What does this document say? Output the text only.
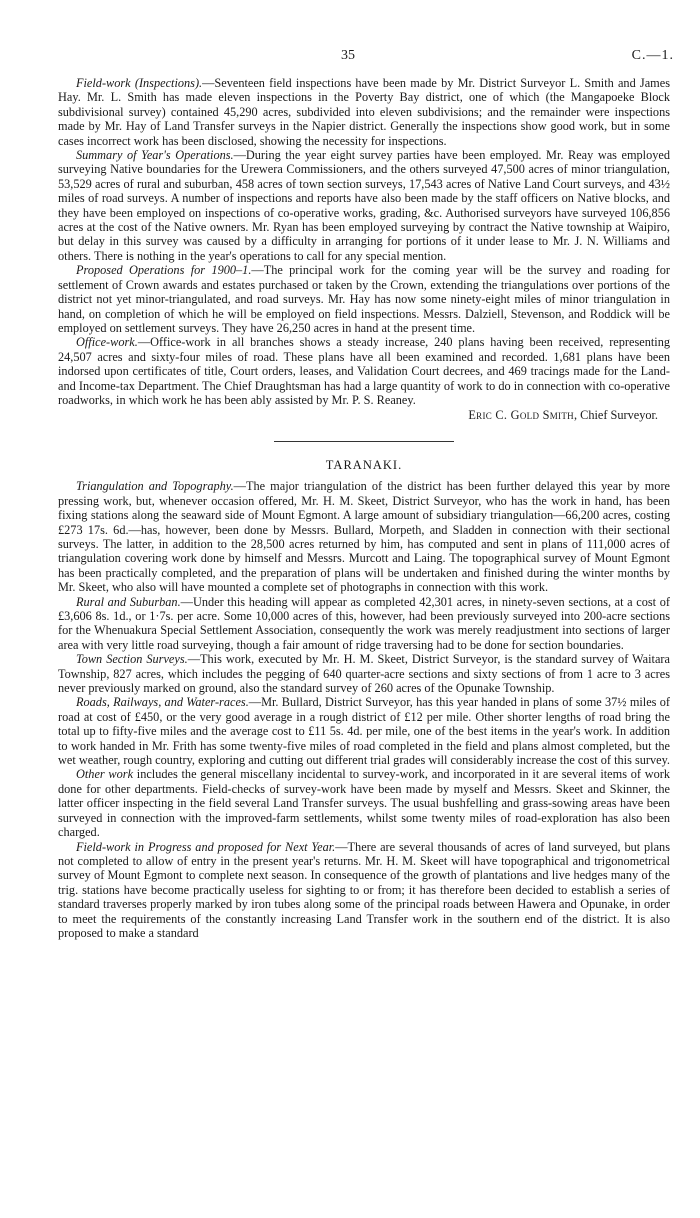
35	C.—1.

Field-work (Inspections).—Seventeen field inspections have been made by Mr. District Surveyor L. Smith and James Hay. Mr. L. Smith has made eleven inspections in the Poverty Bay district, one of which (the Mangapoeke Block subdivisional survey) contained 45,290 acres, subdivided into eleven subdivisions; and the remainder were inspections made by Mr. Hay of Land Transfer surveys in the Napier district. Generally the inspections show good work, but in some cases incorrect work has been disclosed, showing the necessity for inspections.

Summary of Year's Operations.—During the year eight survey parties have been employed. Mr. Reay was employed surveying Native boundaries for the Urewera Commissioners, and the others surveyed 47,500 acres of minor triangulation, 53,529 acres of rural and suburban, 458 acres of town section surveys, 17,543 acres of Native Land Court surveys, and 43½ miles of road surveys. A number of inspections and reports have also been made by the staff officers on Native blocks, and they have been employed on inspections of co-operative works, grading, &c. Authorised surveyors have surveyed 106,856 acres at the cost of the Native owners. Mr. Ryan has been employed surveying by contract the Native township at Waipiro, but delay in this survey was caused by a difficulty in arranging for portions of it under lease to Mr. J. N. Williams and others. There is nothing in the year's operations to call for any special mention.

Proposed Operations for 1900–1.—The principal work for the coming year will be the survey and roading for settlement of Crown awards and estates purchased or taken by the Crown, extending the triangulations over portions of the district not yet minor-triangulated, and road surveys. Mr. Hay has now some ninety-eight miles of minor triangulation in hand, on completion of which he will be employed on field inspections. Messrs. Dalziell, Stevenson, and Roddick will be employed on settlement surveys. They have 26,250 acres in hand at the present time.

Office-work.—Office-work in all branches shows a steady increase, 240 plans having been received, representing 24,507 acres and sixty-four miles of road. These plans have all been examined and recorded. 1,681 plans have been indorsed upon certificates of title, Court orders, leases, and Validation Court decrees, and 469 tracings made for the Land- and Income-tax Department. The Chief Draughtsman has had a large quantity of work to do in connection with co-operative roadworks, in which work he has been ably assisted by Mr. P. S. Reaney.

Eric C. Gold Smith, Chief Surveyor.
TARANAKI.

Triangulation and Topography.—The major triangulation of the district has been further delayed this year by more pressing work, but, whenever occasion offered, Mr. H. M. Skeet, District Surveyor, who has the work in hand, has been fixing stations along the seaward side of Mount Egmont. A large amount of subsidiary triangulation—66,200 acres, costing £273 17s. 6d.—has, however, been done by Messrs. Bullard, Morpeth, and Sladden in connection with their sectional surveys. The latter, in addition to the 28,500 acres returned by him, has computed and sent in plans of 111,000 acres of triangulation covering work done by himself and Messrs. Murcott and Laing. The topographical survey of Mount Egmont has been practically completed, and the preparation of plans will be undertaken and finished during the winter months by Mr. Skeet, who also will have mounted a complete set of photographs in connection with this work.

Rural and Suburban.—Under this heading will appear as completed 42,301 acres, in ninety-seven sections, at a cost of £3,606 8s. 1d., or 1·7s. per acre. Some 10,000 acres of this, however, had been previously surveyed into 200-acre sections for the Whenuakura Special Settlement Association, consequently the work was merely readjustment into sections of larger area with very little road surveying, though a fair amount of ridge traversing had to be done for section boundaries.

Town Section Surveys.—This work, executed by Mr. H. M. Skeet, District Surveyor, is the standard survey of Waitara Township, 827 acres, which includes the pegging of 640 quarter-acre sections and sixty sections of from 1 acre to 3 acres never previously marked on ground, also the standard survey of 260 acres of the Opunake Township.

Roads, Railways, and Water-races.—Mr. Bullard, District Surveyor, has this year handed in plans of some 37½ miles of road at cost of £450, or the very good average in a rough district of £12 per mile. Other shorter lengths of road bring the total up to fifty-five miles and the average cost to £11 5s. 4d. per mile, one of the best items in the year's work. In addition to work handed in Mr. Frith has some twenty-five miles of road completed in the field and plans almost completed, but the wet weather, rough country, exploring and cutting out different trial grades will considerably increase the cost of this survey.

Other work includes the general miscellany incidental to survey-work, and incorporated in it are several items of work done for other departments. Field-checks of survey-work have been made by myself and Messrs. Skeet and Skinner, the latter officer inspecting in the field several Land Transfer surveys. The usual bushfelling and grass-sowing areas have been surveyed in connection with the improved-farm settlements, whilst some twenty miles of road-exploration has also been charged.

Field-work in Progress and proposed for Next Year.—There are several thousands of acres of land surveyed, but plans not completed to allow of entry in the present year's returns. Mr. H. M. Skeet will have topographical and trigonometrical survey of Mount Egmont to complete next season. In consequence of the growth of plantations and live hedges many of the trig. stations have become practically useless for sighting to or from; it has therefore been decided to establish a series of standard traverses properly marked by iron tubes along some of the principal roads between Hawera and Opunake, in order to meet the requirements of the constantly increasing Land Transfer work in the southern end of the district. It is also proposed to make a standard
